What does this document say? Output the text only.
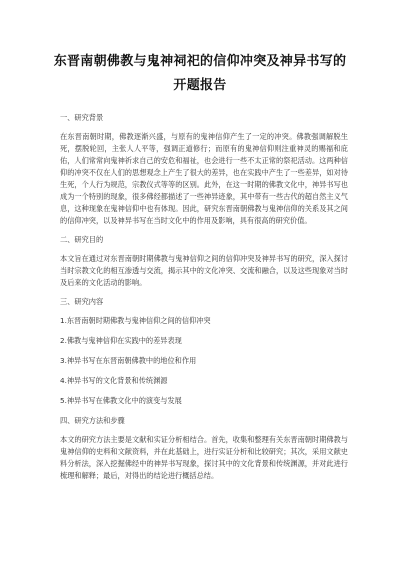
东晋南朝佛教与鬼神祠祀的信仰冲突及神异书写的开题报告
一、研究背景
在东晋南朝时期，佛教逐渐兴盛，与原有的鬼神信仰产生了一定的冲突。佛教强调解脱生死，摆脱轮回，主张人人平等，强调正道修行；而原有的鬼神信仰则注重神灵的赐福和庇佑，人们常常向鬼神祈求自己的安危和福祉，也会进行一些不太正常的祭祀活动。这两种信仰的冲突不仅在人们的思想观念上产生了很大的差异，也在实践中产生了一些差异，如对待生死，个人行为规范，宗教仪式等等的区别。此外，在这一时期的佛教文化中，神异书写也成为一个特别的现象，很多佛经都描述了一些神异迹象，其中带有一些古代的超自然主义气息，这种现象在鬼神信仰中也有体现。因此，研究东晋南朝佛教与鬼神信仰的关系及其之间的信仰冲突，以及神异书写在当时文化中的作用及影响，具有很高的研究价值。
二、研究目的
本文旨在通过对东晋南朝时期佛教与鬼神信仰之间的信仰冲突及神异书写的研究，深入探讨当时宗教文化的相互渗透与交流，揭示其中的文化冲突、交流和融合，以及这些现象对当时及后来的文化活动的影响。
三、研究内容
1.东晋南朝时期佛教与鬼神信仰之间的信仰冲突
2.佛教与鬼神信仰在实践中的差异表现
3.神异书写在东晋南朝佛教中的地位和作用
4.神异书写的文化背景和传统渊源
5.神异书写在佛教文化中的演变与发展
四、研究方法和步骤
本文的研究方法主要是文献和实证分析相结合。首先，收集和整理有关东晋南朝时期佛教与鬼神信仰的史料和文献资料，并在此基础上，进行实证分析和比较研究；其次，采用文献史料分析法，深入挖掘佛经中的神异书写现象，探讨其中的文化背景和传统渊源，并对此进行梳理和解释；最后，对得出的结论进行概括总结。
